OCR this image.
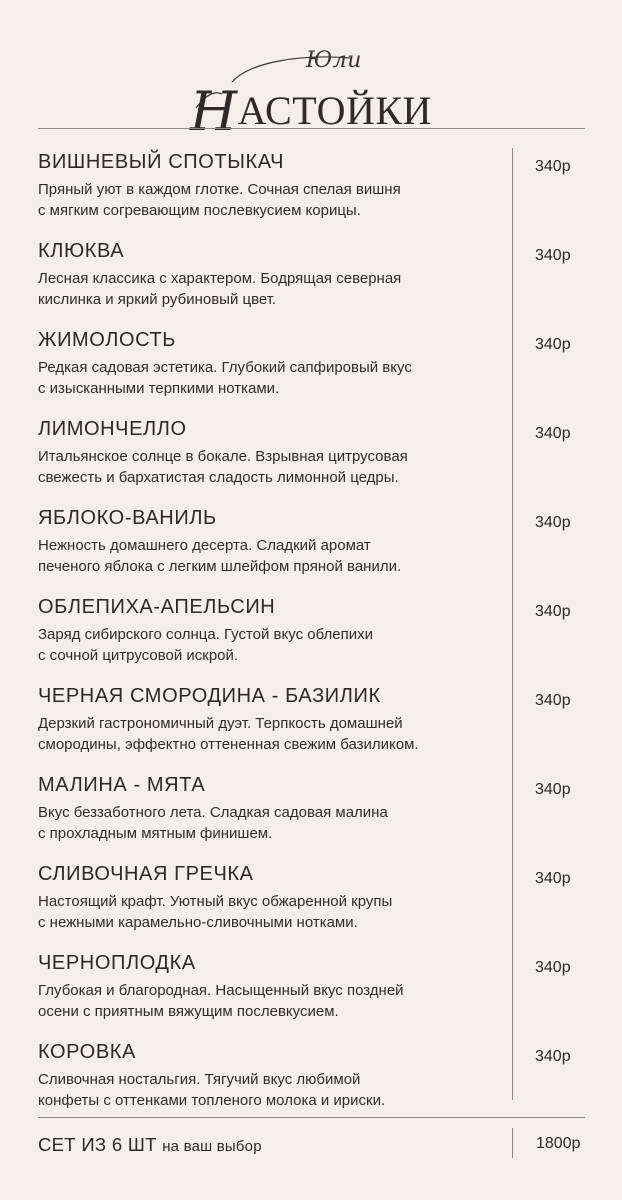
Юли
НАСТОЙКИ
ВИШНЕВЫЙ СПОТЫКАЧ
Пряный уют в каждом глотке. Сочная спелая вишня
с мягким согревающим послевкусием корицы.
340р
КЛЮКВА
Лесная классика с характером. Бодрящая северная
кислинка и яркий рубиновый цвет.
340р
ЖИМОЛОСТЬ
Редкая садовая эстетика. Глубокий сапфировый вкус
с изысканными терпкими нотками.
340р
ЛИМОНЧЕЛЛО
Итальянское солнце в бокале. Взрывная цитрусовая
свежесть и бархатистая сладость лимонной цедры.
340р
ЯБЛОКО-ВАНИЛЬ
Нежность домашнего десерта. Сладкий аромат
печеного яблока с легким шлейфом пряной ванили.
340р
ОБЛЕПИХА-АПЕЛЬСИН
Заряд сибирского солнца. Густой вкус облепихи
с сочной цитрусовой искрой.
340р
ЧЕРНАЯ СМОРОДИНА - БАЗИЛИК
Дерзкий гастрономичный дуэт. Терпкость домашней
смородины, эффектно оттененная свежим базиликом.
340р
МАЛИНА - МЯТА
Вкус беззаботного лета. Сладкая садовая малина
с прохладным мятным финишем.
340р
СЛИВОЧНАЯ ГРЕЧКА
Настоящий крафт. Уютный вкус обжаренной крупы
с нежными карамельно-сливочными нотками.
340р
ЧЕРНОПЛОДКА
Глубокая и благородная. Насыщенный вкус поздней
осени с приятным вяжущим послевкусием.
340р
КОРОВКА
Сливочная ностальгия. Тягучий вкус любимой
конфеты с оттенками топленого молока и ириски.
340р
СЕТ ИЗ 6 ШТ на ваш выбор	1800р
